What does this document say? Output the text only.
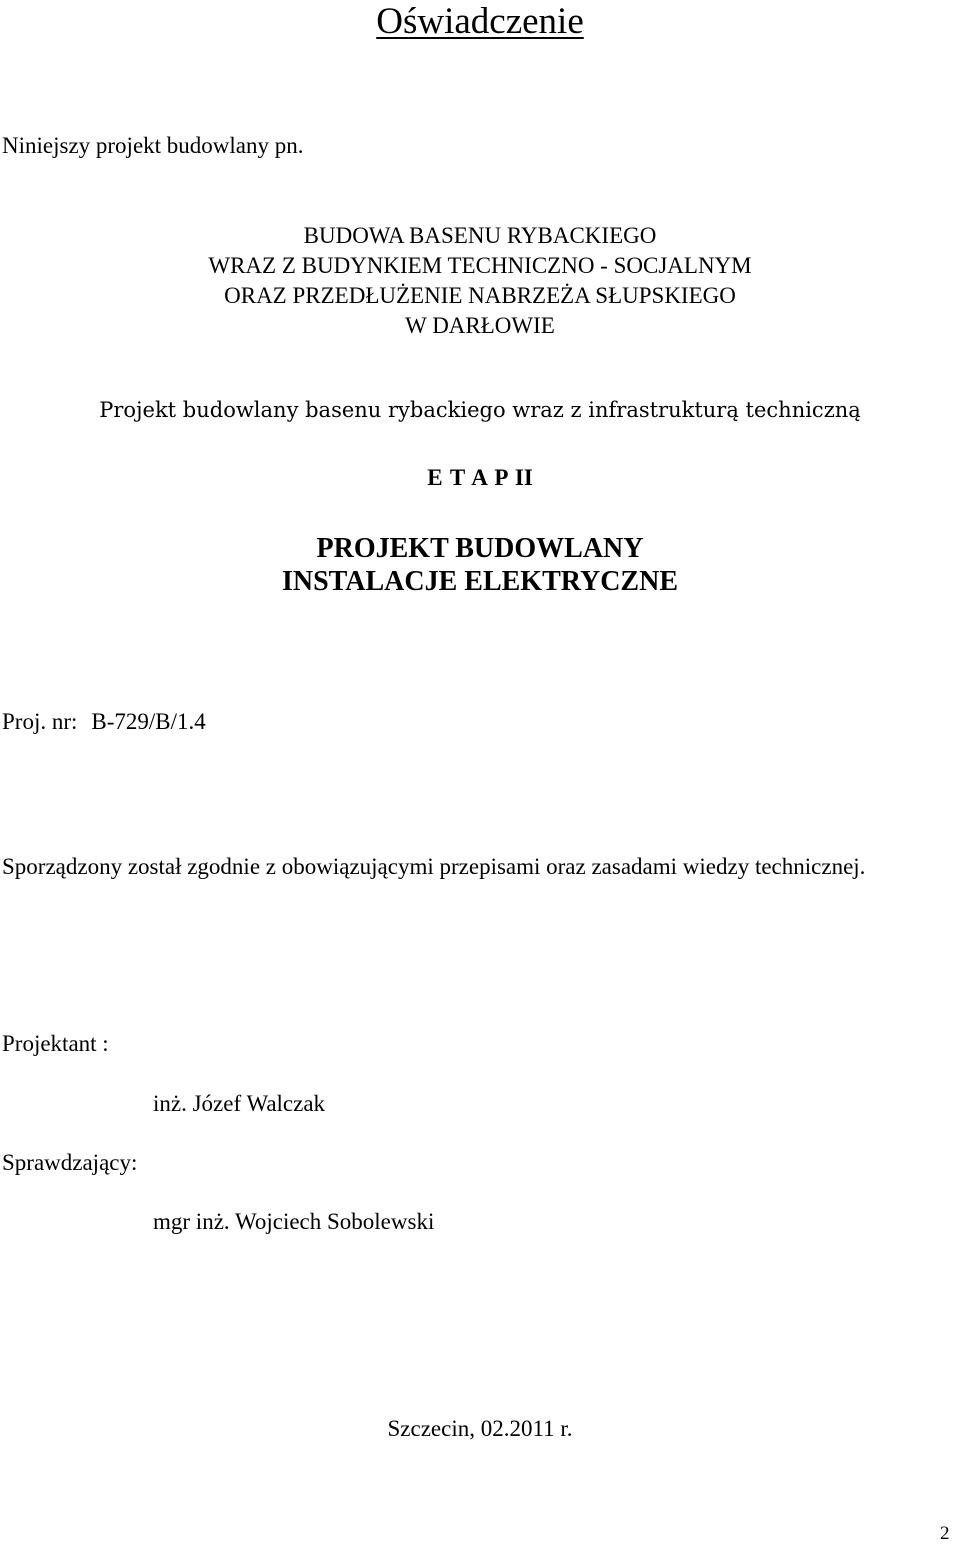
Oświadczenie
Niniejszy projekt budowlany pn.
BUDOWA BASENU RYBACKIEGO
WRAZ Z BUDYNKIEM TECHNICZNO - SOCJALNYM
ORAZ PRZEDŁUŻENIE NABRZEŻA SŁUPSKIEGO
W DARŁOWIE
Projekt budowlany basenu rybackiego wraz z infrastrukturą techniczną
E T A P II
PROJEKT BUDOWLANY
INSTALACJE ELEKTRYCZNE
Proj. nr: B-729/B/1.4
Sporządzony został zgodnie z obowiązującymi przepisami oraz zasadami wiedzy technicznej.
Projektant :
inż. Józef Walczak
Sprawdzający:
mgr inż. Wojciech Sobolewski
Szczecin, 02.2011 r.
2
